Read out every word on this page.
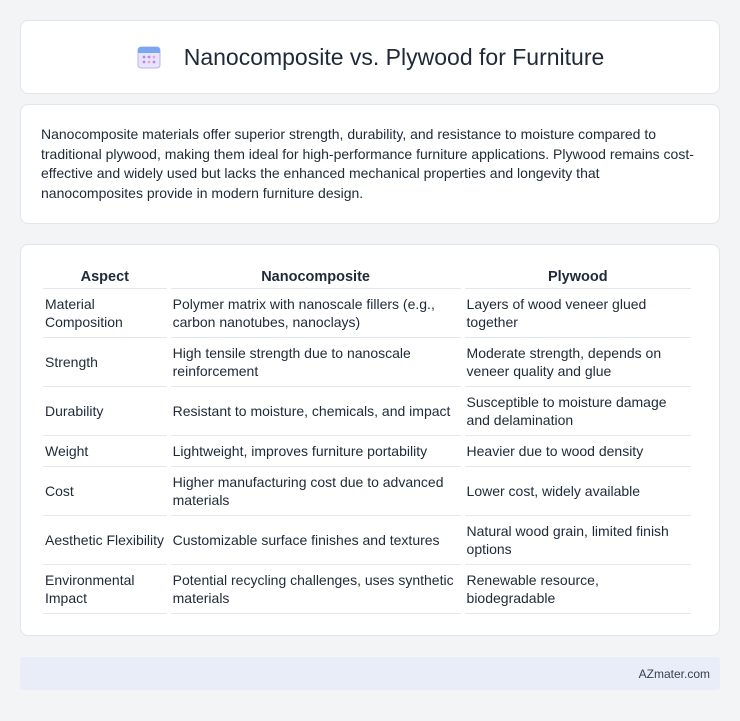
Nanocomposite vs. Plywood for Furniture

Nanocomposite materials offer superior strength, durability, and resistance to moisture compared to traditional plywood, making them ideal for high-performance furniture applications. Plywood remains cost-effective and widely used but lacks the enhanced mechanical properties and longevity that nanocomposites provide in modern furniture design.

Aspect	Nanocomposite	Plywood
Material Composition	Polymer matrix with nanoscale fillers (e.g., carbon nanotubes, nanoclays)	Layers of wood veneer glued together
Strength	High tensile strength due to nanoscale reinforcement	Moderate strength, depends on veneer quality and glue
Durability	Resistant to moisture, chemicals, and impact	Susceptible to moisture damage and delamination
Weight	Lightweight, improves furniture portability	Heavier due to wood density
Cost	Higher manufacturing cost due to advanced materials	Lower cost, widely available
Aesthetic Flexibility	Customizable surface finishes and textures	Natural wood grain, limited finish options
Environmental Impact	Potential recycling challenges, uses synthetic materials	Renewable resource, biodegradable
AZmater.com
